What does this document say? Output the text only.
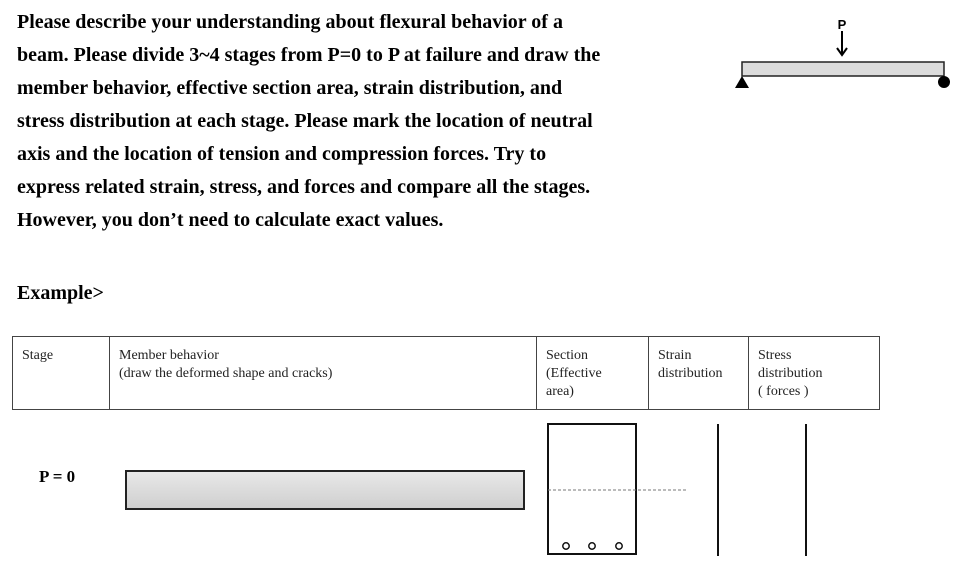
Please describe your understanding about flexural behavior of a
beam. Please divide 3~4 stages from P=0 to P at failure and draw the
member behavior, effective section area, strain distribution, and
stress distribution at each stage. Please mark the location of neutral
axis and the location of tension and compression forces. Try to
express related strain, stress, and forces and compare all the stages.
However, you don’t need to calculate exact values.
P
Example>
Stage	Member behavior
(draw the deformed shape and cracks)
Section
(Effective
area)
Strain
distribution
Stress
distribution
( forces )
P = 0
